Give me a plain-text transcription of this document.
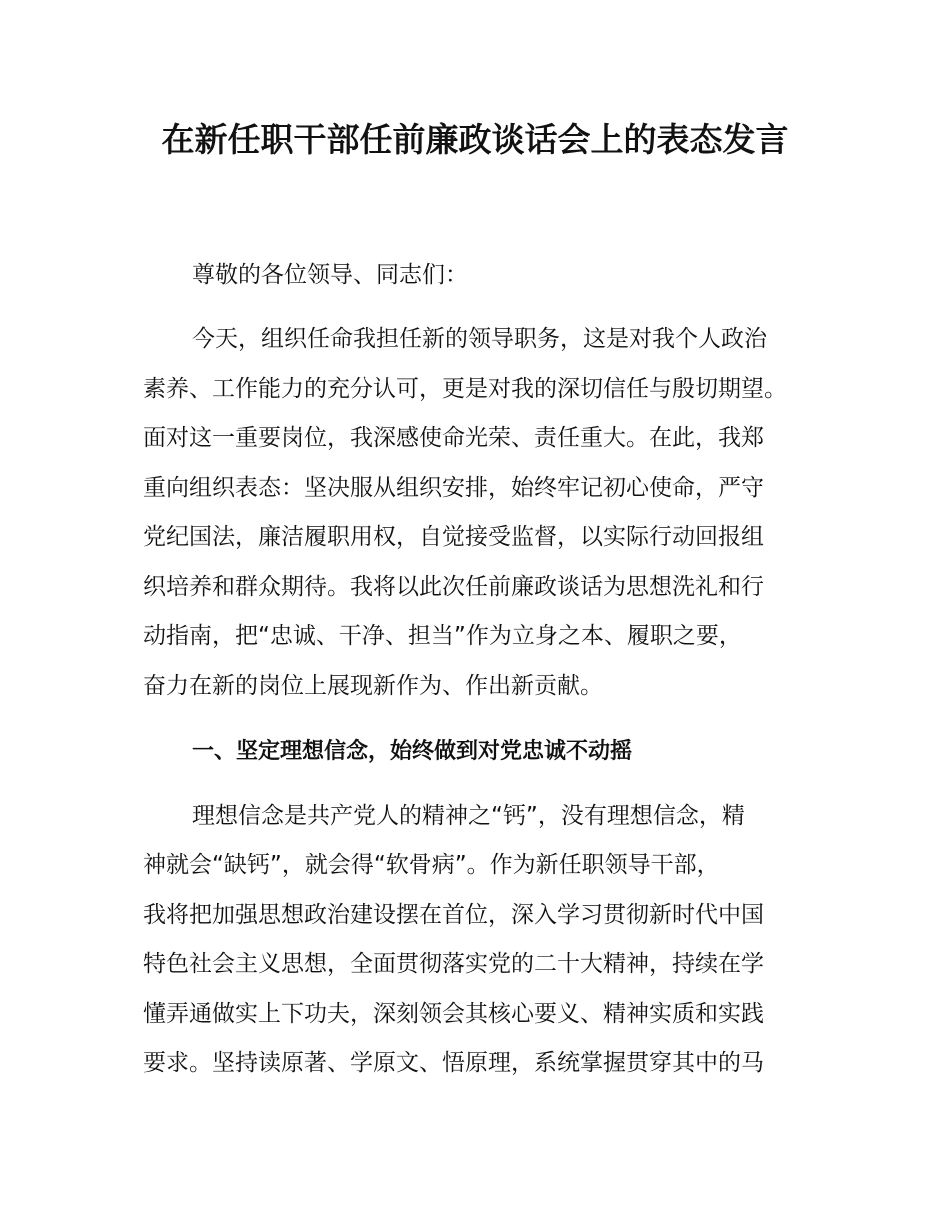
在新任职干部任前廉政谈话会上的表态发言
尊敬的各位领导、同志们：
今天，组织任命我担任新的领导职务，这是对我个人政治
素养、工作能力的充分认可，更是对我的深切信任与殷切期望。
面对这一重要岗位，我深感使命光荣、责任重大。在此，我郑
重向组织表态：坚决服从组织安排，始终牢记初心使命，严守
党纪国法，廉洁履职用权，自觉接受监督，以实际行动回报组
织培养和群众期待。我将以此次任前廉政谈话为思想洗礼和行
动指南，把“忠诚、干净、担当”作为立身之本、履职之要，
奋力在新的岗位上展现新作为、作出新贡献。
一、坚定理想信念，始终做到对党忠诚不动摇
理想信念是共产党人的精神之“钙”，没有理想信念，精
神就会“缺钙”，就会得“软骨病”。作为新任职领导干部，
我将把加强思想政治建设摆在首位，深入学习贯彻新时代中国
特色社会主义思想，全面贯彻落实党的二十大精神，持续在学
懂弄通做实上下功夫，深刻领会其核心要义、精神实质和实践
要求。坚持读原著、学原文、悟原理，系统掌握贯穿其中的马
